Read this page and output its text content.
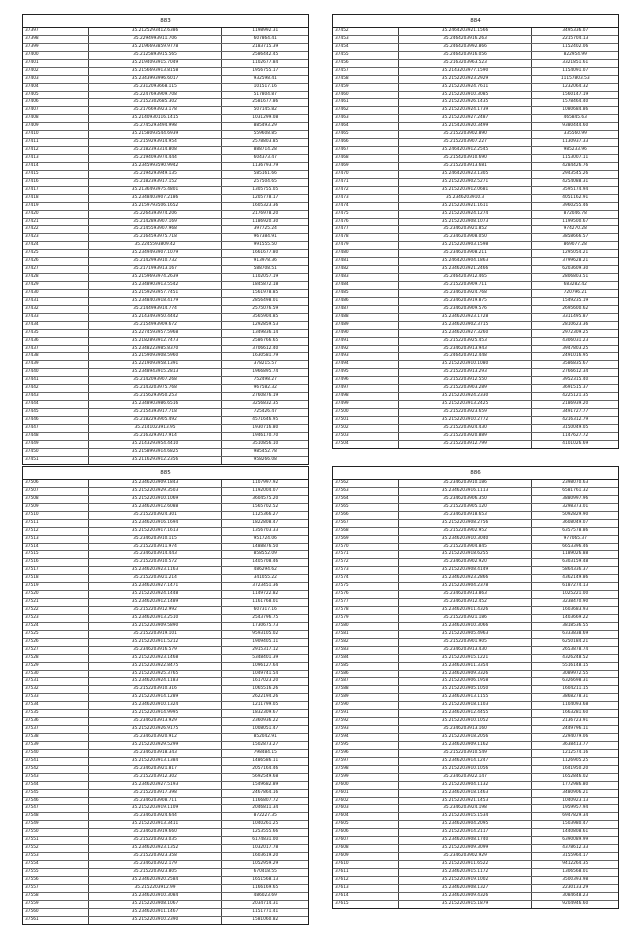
883
37397	35.2125293412.6386	1198992.31
37398	35.2294993911.706	607864.41
37399	35.2196693859.9778	2183715.39
37400	35.2125893915.565	2586442.45
37401	35.2194093915.7049	1102677.84
37402	35.2156693913.8158	1956755.17
37403	35.2343993996.6017	932598.41
37404	35.2312093668.115	101517.16
37405	35.2247693909.708	517804.87
37406	35.2152302685.302	2581677.86
37407	35.2176693923.178	507145.82
37408	35.2140930116.1415	1031299.08
37409	35.2745293494.998	885493.29
37410	35.2158093544.6939	559608.85
37411	35.2159293914.954	2578803.85
37412	35.2182393314.808	888714.28
37413	35.2194093974.444	604373.47
37414	35.2345993590.9942	1136793.79
37415	35.2194293949.135	585161.66
37416	35.2182393917.152	257504.65
37417	35.2136493975.4801	1305755.05
37418	35.2348403907.2186	1205778.17
37419	35.2159793506.1652	1605323.36
37420	35.2264393974.206	2176978.20
37421	35.2142893907.169	1186920.30
37422	35.2145593907.968	397725.24
37423	35.2164593975.718	967384.91
37424	35.2245593809.42	991555.50
37425	35.2349493907.1079	1661677.80
37426	35.2142993910.732	913978.36
37427	35.2171993913.167	588708.51
37428	35.2159693974.2639	1102057.19
37429	35.2348903913.5542	1845872.18
37430	35.2159293957.7451	1561978.85
37431	35.2348403918.4179	2856498.01
37432	35.2144993914.774	2575076.59
37433	35.2143493950.4442	3565904.85
37434	35.2154993909.672	1292859.53
37435	35.2274593957.5968	1349836.14
37436	35.2182893912.7473	2586766.65
37437	35.2348223985.8370	3706612.40
37438	35.2159093908.5960	1630581.79
37439	35.2219093958.1391	378215.57
37440	35.2348943915.2813	1966895.74
37441	35.2142093907.268	752498.27
37442	35.2143203975.768	967582.32
37443	35.2156293950.253	2760876.19
37444	35.2348903986.6516	3256832.35
37445	35.2154393917.718	725426.47
37446	35.2182293905.492	4571646.95
37447	35.2141023913.95	1930716.80
37448	35.2163293917.914	1946170.70
37449	35.2143293954.4410	3510856.10
37450	35.2158993914.6825	985452.78
37451	35.2116293912.2356	958266.08
884
37452	35.2464203921.1566	3495336.07
37453	35.2464203916.263	2215704.13
37454	35.2464203992.866	1152402.06
37455	35.2464203916.056	822954.99
37456	35.2163203963.523	3321851.61
37457	35.2143203977.1590	1154091.07
37458	35.2152203923.2929	11157803.53
37459	35.2152203924.7611	1232064.32
37460	35.2152203910.3085	1560147.19
37461	35.2152203926.1435	1578464.40
37462	35.2152203924.1739	1080684.86
37463	35.2152203927.2487	465845.63
37464	35.2154203920.3499	9380444.60
37465	35.2152203902.890	335560.99
37466	35.2152203907.227	1130937.33
37467	35.2464203912.2545	985233.96
37468	35.2154203910.690	1153007.11
37469	35.2152203913.681	4284426.76
37470	35.2464203923.1305	2943545.26
37471	35.2152203902.5271	4254088.31
37472	35.2152203912.0681	3595174.94
37473	35.2346203910.3	4051162.91
37474	35.2152203921.1611	3960255.46
37475	35.2152203924.1274	872046.78
37476	35.2152203908.1073	1199500.67
37477	35.2346203921.852	974270.28
37478	35.2346203908.050	3858666.57
37479	35.2152203903.1598	869077.28
37480	35.2346203908.211	1295054.21
37481	35.2464203904.1863	3799628.21
37482	35.2346203921.2466	6203609.30
37483	35.2464203912.465	2806803.51
37484	35.2152203909.711	683282.42
37485	35.2346203924.768	720796.21
37486	35.2346203919.875	1549235.19
37487	35.2346203909.576	2695600.62
37488	35.2346203923.1728	3311495.87
37489	35.2346203902.3715	2810623.36
37490	35.2346203927.3260	2972309.25
37491	35.2152203925.453	4306031.23
37492	35.2346203913.943	3947803.25
37493	35.2464203912.448	2491016.95
37494	35.2152203910.1080	3586835.67
37495	35.2152203913.293	2766612.34
37496	35.2152203912.550	3952315.40
37497	35.2152203903.289	3691515.37
37498	35.2152203924.2330	4225121.35
37499	35.2152203913.2425	2186939.20
37500	35.2152203923.659	3491727.77
37501	35.2152203910.2772	4216312.79
37502	35.2152203924.430	3150049.05
37503	35.2152203920.889	1147627.72
37504	35.2152203912.799	4101026.69
885
37506	35.2346203909.1843	1107997.92
37507	35.2152203929.3503	1192004.07
37508	35.2152203910.1069	3604575.20
37509	35.2346203912.6088	1565702.52
37510	35.2152203924.301	1125366.27
37511	35.2346203916.1694	1822808.47
37512	35.2152203917.1613	1356703.33
37513	35.2346203910.115	951724.06
37514	35.2152203911.974	1488876.50
37515	35.2346203914.443	858552.09
37516	35.2152203910.572	1405708.46
37517	35.2346203923.1163	486294.62
37518	35.2152203921.214	341055.22
37519	35.2346203927.1471	3723451.36
37520	35.2152203924.1448	1149722.82
37521	35.2346203912.1489	1161768.01
37522	35.2152203912.992	607317.16
37523	35.2346203913.2510	2543796.75
37524	35.2152203909.5890	1730675.73
37525	35.2152203919.101	9593105.02
37526	35.2152203911.5212	1909405.11
37527	35.2346203916.579	2915317.12
37528	35.2152203923.1468	5348401.39
37529	35.2152203922.8475	1096127.64
37530	35.2152203925.3765	1049741.54
37531	35.2346203924.1183	1617023.20
37532	35.2152203910.316	1065516.26
37533	35.2152203914.1289	2622194.26
37534	35.2346203910.1324	1211799.05
37535	35.2152203914.9995	1832309.67
37536	35.2346203913.929	2360936.22
37537	35.2152203926.9175	1008051.47
37538	35.2346203920.912	852042.91
37539	35.2152203929.5299	1502873.27
37540	35.2346203918.343	798484.15
37541	35.2152203913.1384	1486586.11
37542	35.2346203921.817	2057164.46
37543	35.2152203912.302	5692549.68
37544	35.2346203927.5193	1549682.89
37545	35.2152203917.398	2467864.16
37546	35.2346203908.711	1166807.72
37547	35.2152203919.1109	2046811.34
37548	35.2346203924.644	872227.35
37549	35.2152203913.3411	1040261.25
37550	35.2346203919.660	1253555.66
37551	35.2152203923.035	6174831.00
37552	35.2346203923.1352	1032017.78
37553	35.2152203923.358	1603619.20
37554	35.2346203922.179	1052959.29
37555	35.2152203923.805	670418.55
37556	35.2346203920.2584	1651568.13
37557	35.2152203912.99	1166169.65
37558	35.2346203910.3084	486023.69
37559	35.2152203908.1067	2034714.31
37560	35.2346203911.1467	1151771.41
37561	35.2152203910.2390	1581060.82
886
37562	35.2346203910.186	2398070.63
37563	35.2346203916.1113	6581761.32
37564	35.2346203906.350	3880997.96
37565	35.2152203905.120	3298373.01
37566	35.2346203918.653	5092829.90
37567	35.2152203908.2756	3608049.07
37568	35.2152203902.952	6357578.86
37569	35.2346203910.3040	977065.37
37570	35.2152203904.845	6653396.46
37571	35.2152203918.6255	1189026.88
37572	35.2346203902.920	6303159.48
37573	35.2152203908.4149	5864336.37
37574	35.2346203923.2866	4362149.86
37575	35.2152203904.2378	6187274.13
37576	35.2346203913.863	1025221.00
37577	35.2346203912.452	3238470.90
37578	35.2346203911.4326	1603683.93
37579	35.2152203921.186	1403669.22
37580	35.2346203910.3066	3818536.55
37581	35.2152203905.4963	6333838.69
37582	35.2152203901.905	6250184.21
37583	35.2346203913.430	2653878.74
37584	35.2152203915.1221	4326248.52
37585	35.2346203911.3354	5516148.15
37586	35.2346203909.3326	3089972.55
37587	35.2152203906.1958	6326698.31
37588	35.2152203905.1050	1604211.15
37589	35.2346203913.1155	3868278.31
37590	35.2152203918.1103	1104093.68
37591	35.2346203912.4455	1663281.60
37592	35.2152203910.1052	2136723.91
37593	35.2346203913.160	2449796.11
37594	35.2152203918.2056	2294079.06
37595	35.2346203909.1162	3638413.77
37596	35.2152203910.549	1212574.16
37597	35.2346203914.1247	1126905.25
37598	35.2152203910.1056	1641950.20
37599	35.2346203922.147	1652846.02
37600	35.2152203904.1132	1772986.80
37601	35.2346203918.1463	3480906.21
37602	35.2152203921.1453	1040923.13
37603	35.2346203924.198	1959957.94
37604	35.2152203915.1534	6947829.34
37605	35.2346203904.2095	1503980.47
37606	35.2152203914.2117	1440808.61
37607	35.2346203908.1740	6390089.99
37608	35.2152203909.3099	4378612.33
37609	35.2346203902.929	3155964.17
37610	35.2152203911.6522	9412264.35
37611	35.2346203915.1172	1306568.01
37612	35.2152203919.1002	3500393.98
37613	35.2346203908.1327	2230133.29
37614	35.2346203909.4326	3084648.23
37615	35.2152203915.1879	9204946.60
